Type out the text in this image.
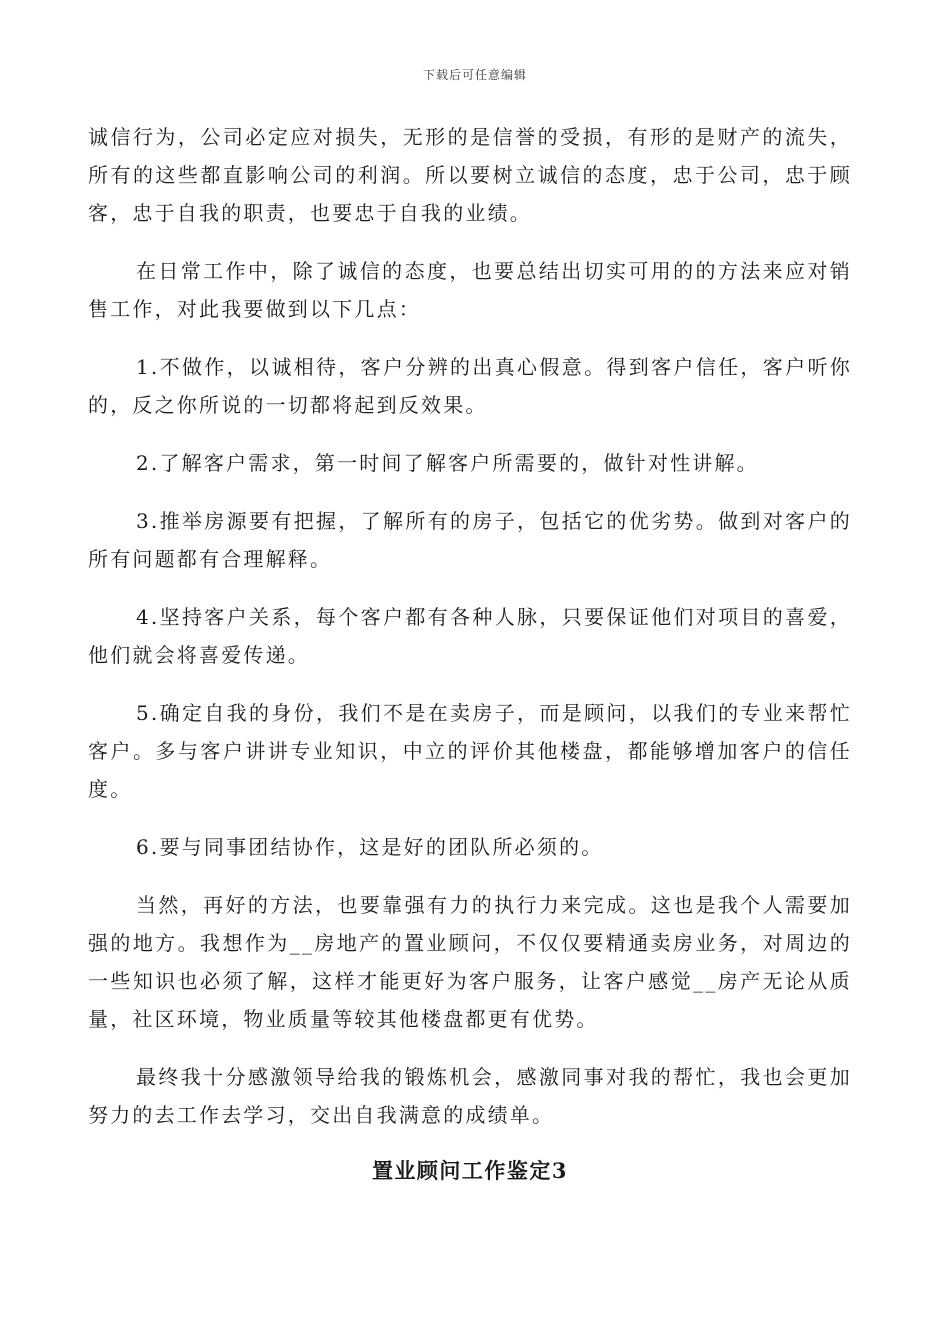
下载后可任意编辑

诚信行为，公司必定应对损失，无形的是信誉的受损，有形的是财产的流失，所有的这些都直影响公司的利润。所以要树立诚信的态度，忠于公司，忠于顾客，忠于自我的职责，也要忠于自我的业绩。

在日常工作中，除了诚信的态度，也要总结出切实可用的的方法来应对销售工作，对此我要做到以下几点：

1.不做作，以诚相待，客户分辨的出真心假意。得到客户信任，客户听你的，反之你所说的一切都将起到反效果。

2.了解客户需求，第一时间了解客户所需要的，做针对性讲解。

3.推举房源要有把握，了解所有的房子，包括它的优劣势。做到对客户的所有问题都有合理解释。

4.坚持客户关系，每个客户都有各种人脉，只要保证他们对项目的喜爱，他们就会将喜爱传递。

5.确定自我的身份，我们不是在卖房子，而是顾问，以我们的专业来帮忙客户。多与客户讲讲专业知识，中立的评价其他楼盘，都能够增加客户的信任度。

6.要与同事团结协作，这是好的团队所必须的。

当然，再好的方法，也要靠强有力的执行力来完成。这也是我个人需要加强的地方。我想作为__房地产的置业顾问，不仅仅要精通卖房业务，对周边的一些知识也必须了解，这样才能更好为客户服务，让客户感觉__房产无论从质量，社区环境，物业质量等较其他楼盘都更有优势。

最终我十分感激领导给我的锻炼机会，感激同事对我的帮忙，我也会更加努力的去工作去学习，交出自我满意的成绩单。

置业顾问工作鉴定3
